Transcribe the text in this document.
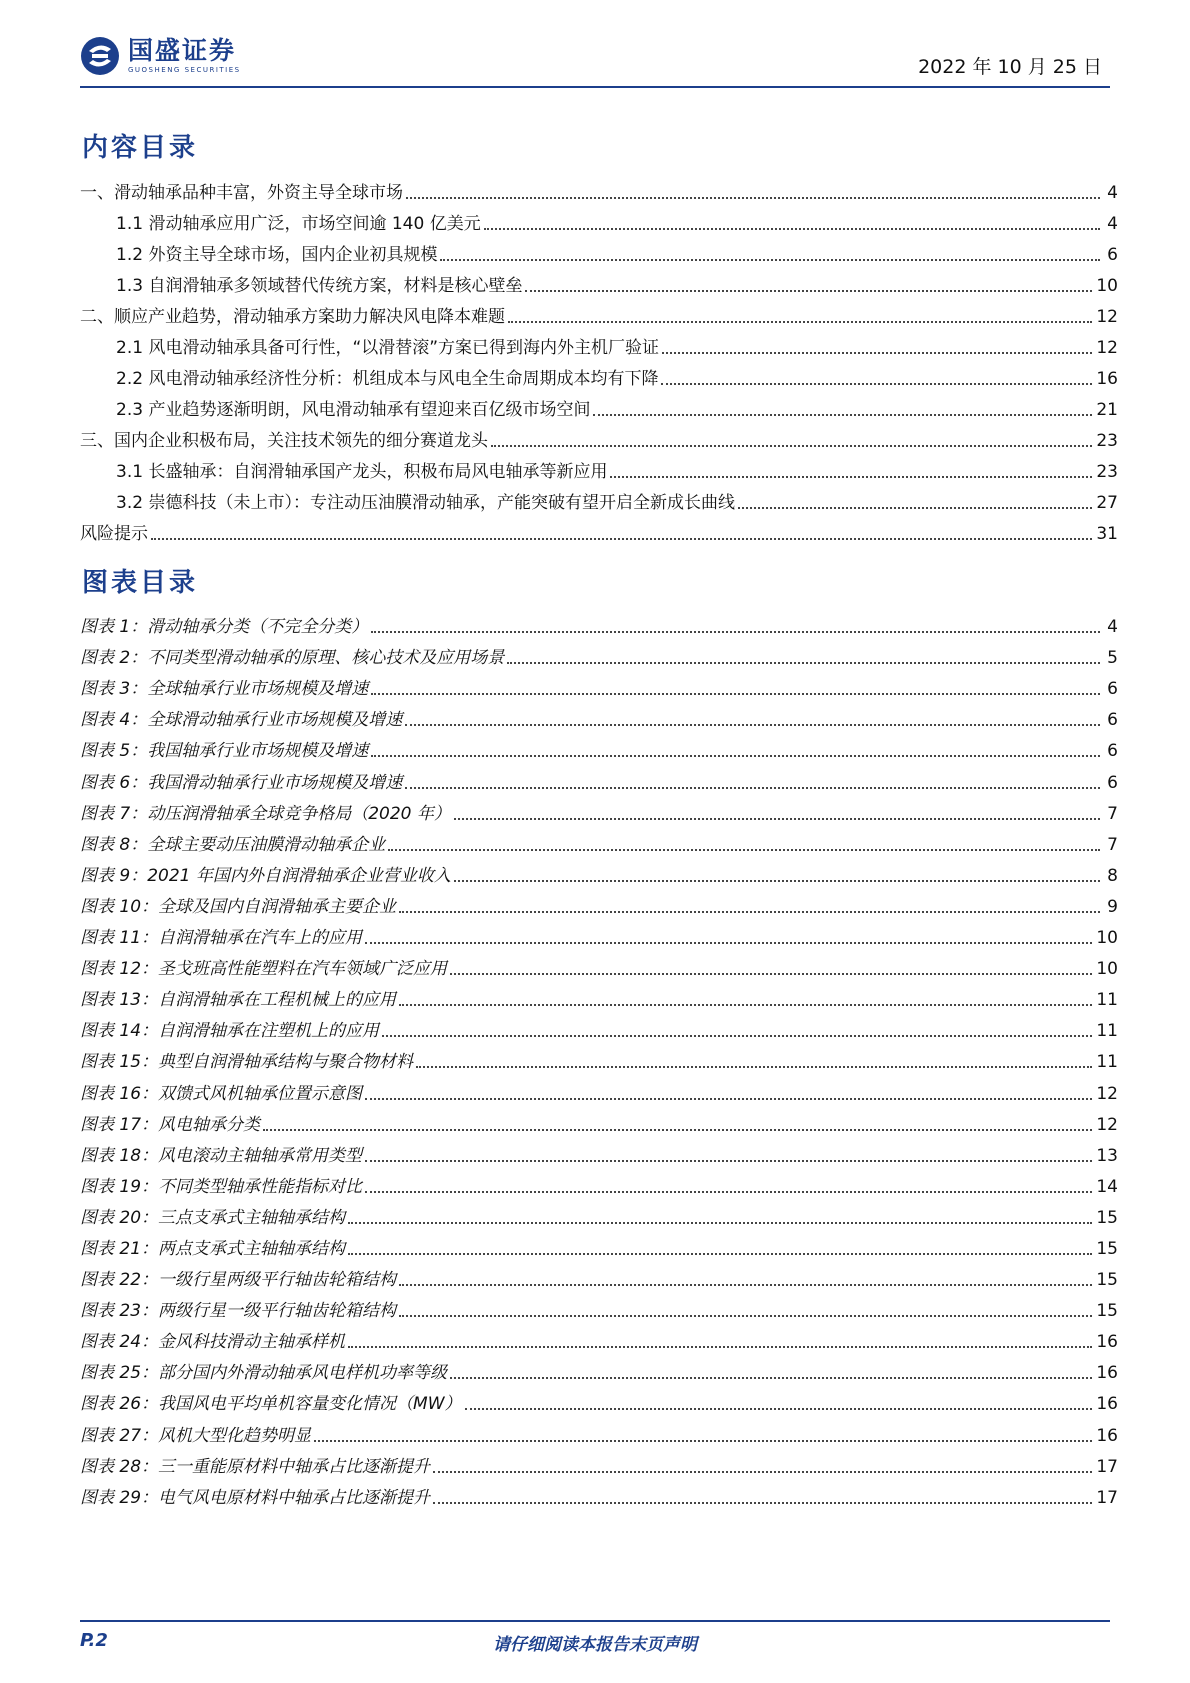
国盛证券
GUOSHENG SECURITIES	2022 年 10 月 25 日
内容目录
一、滑动轴承品种丰富，外资主导全球市场	4
1.1 滑动轴承应用广泛，市场空间逾 140 亿美元	4
1.2 外资主导全球市场，国内企业初具规模	6
1.3 自润滑轴承多领域替代传统方案，材料是核心壁垒	10
二、顺应产业趋势，滑动轴承方案助力解决风电降本难题	12
2.1 风电滑动轴承具备可行性，“以滑替滚”方案已得到海内外主机厂验证	12
2.2 风电滑动轴承经济性分析：机组成本与风电全生命周期成本均有下降	16
2.3 产业趋势逐渐明朗，风电滑动轴承有望迎来百亿级市场空间	21
三、国内企业积极布局，关注技术领先的细分赛道龙头	23
3.1 长盛轴承：自润滑轴承国产龙头，积极布局风电轴承等新应用	23
3.2 崇德科技（未上市）：专注动压油膜滑动轴承，产能突破有望开启全新成长曲线	27
风险提示	31
图表目录
图表 1：滑动轴承分类（不完全分类）	4
图表 2：不同类型滑动轴承的原理、核心技术及应用场景	5
图表 3：全球轴承行业市场规模及增速	6
图表 4：全球滑动轴承行业市场规模及增速	6
图表 5：我国轴承行业市场规模及增速	6
图表 6：我国滑动轴承行业市场规模及增速	6
图表 7：动压润滑轴承全球竞争格局（2020 年）	7
图表 8：全球主要动压油膜滑动轴承企业	7
图表 9：2021 年国内外自润滑轴承企业营业收入	8
图表 10：全球及国内自润滑轴承主要企业	9
图表 11：自润滑轴承在汽车上的应用	10
图表 12：圣戈班高性能塑料在汽车领域广泛应用	10
图表 13：自润滑轴承在工程机械上的应用	11
图表 14：自润滑轴承在注塑机上的应用	11
图表 15：典型自润滑轴承结构与聚合物材料	11
图表 16：双馈式风机轴承位置示意图	12
图表 17：风电轴承分类	12
图表 18：风电滚动主轴轴承常用类型	13
图表 19：不同类型轴承性能指标对比	14
图表 20：三点支承式主轴轴承结构	15
图表 21：两点支承式主轴轴承结构	15
图表 22：一级行星两级平行轴齿轮箱结构	15
图表 23：两级行星一级平行轴齿轮箱结构	15
图表 24：金风科技滑动主轴承样机	16
图表 25：部分国内外滑动轴承风电样机功率等级	16
图表 26：我国风电平均单机容量变化情况（MW）	16
图表 27：风机大型化趋势明显	16
图表 28：三一重能原材料中轴承占比逐渐提升	17
图表 29：电气风电原材料中轴承占比逐渐提升	17
P.2	请仔细阅读本报告末页声明
